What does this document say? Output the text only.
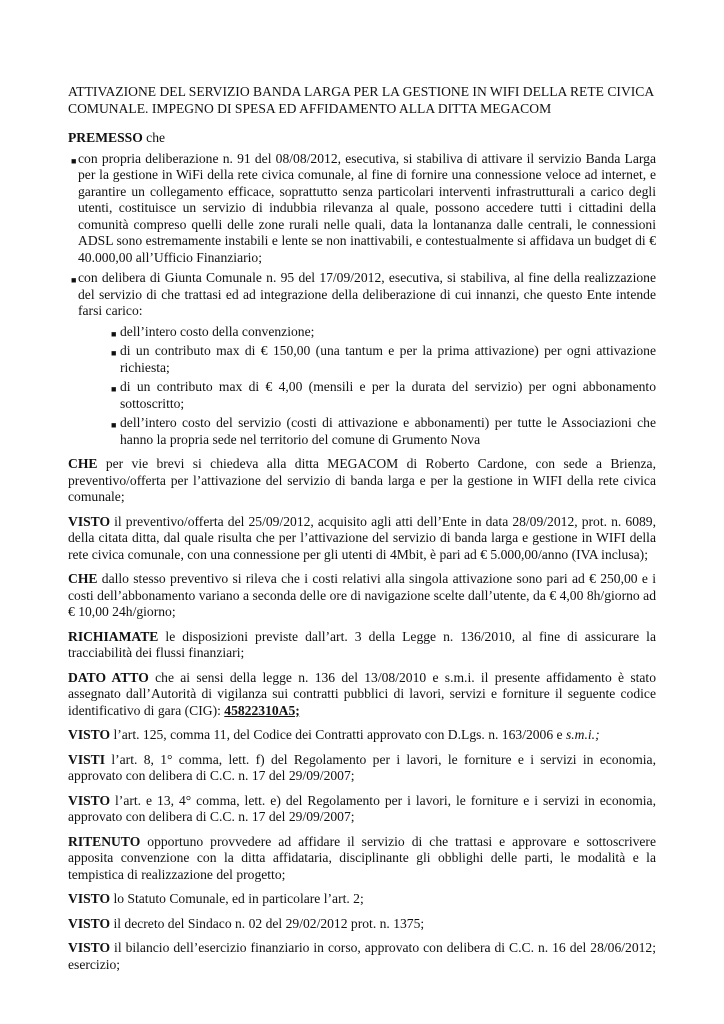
ATTIVAZIONE DEL SERVIZIO BANDA LARGA PER LA GESTIONE IN WIFI DELLA RETE CIVICA COMUNALE. IMPEGNO DI SPESA ED AFFIDAMENTO ALLA DITTA MEGACOM

PREMESSO che

■ con propria deliberazione n. 91 del 08/08/2012, esecutiva, si stabiliva di attivare il servizio Banda Larga per la gestione in WiFi della rete civica comunale, al fine di fornire una connessione veloce ad internet, e garantire un collegamento efficace, soprattutto senza particolari interventi infrastrutturali a carico degli utenti, costituisce un servizio di indubbia rilevanza al quale, possono accedere tutti i cittadini della comunità compreso quelli delle zone rurali nelle quali, data la lontananza dalle centrali, le connessioni ADSL sono estremamente instabili e lente se non inattivabili, e contestualmente si affidava un budget di € 40.000,00 all’Ufficio Finanziario;
■ con delibera di Giunta Comunale n. 95 del 17/09/2012, esecutiva, si stabiliva, al fine della realizzazione del servizio di che trattasi ed ad integrazione della deliberazione di cui innanzi, che questo Ente intende farsi carico:
■ dell’intero costo della convenzione;
■ di un contributo max di € 150,00 (una tantum e per la prima attivazione) per ogni attivazione richiesta;
■ di un contributo max di € 4,00 (mensili e per la durata del servizio) per ogni abbonamento sottoscritto;
■ dell’intero costo del servizio (costi di attivazione e abbonamenti) per tutte le Associazioni che hanno la propria sede nel territorio del comune di Grumento Nova

CHE per vie brevi si chiedeva alla ditta MEGACOM di Roberto Cardone, con sede a Brienza, preventivo/offerta per l’attivazione del servizio di banda larga e per la gestione in WIFI della rete civica comunale;

VISTO il preventivo/offerta del 25/09/2012, acquisito agli atti dell’Ente in data 28/09/2012, prot. n. 6089, della citata ditta, dal quale risulta che per l’attivazione del servizio di banda larga e gestione in WIFI della rete civica comunale, con una connessione per gli utenti di 4Mbit, è pari ad € 5.000,00/anno (IVA inclusa);

CHE dallo stesso preventivo si rileva che i costi relativi alla singola attivazione sono pari ad € 250,00 e i costi dell’abbonamento variano a seconda delle ore di navigazione scelte dall’utente, da € 4,00 8h/giorno ad € 10,00 24h/giorno;

RICHIAMATE le disposizioni previste dall’art. 3 della Legge n. 136/2010, al fine di assicurare la tracciabilità dei flussi finanziari;

DATO ATTO che ai sensi della legge n. 136 del 13/08/2010 e s.m.i. il presente affidamento è stato assegnato dall’Autorità di vigilanza sui contratti pubblici di lavori, servizi e forniture il seguente codice identificativo di gara (CIG): 45822310A5;

VISTO l’art. 125, comma 11, del Codice dei Contratti approvato con D.Lgs. n. 163/2006 e s.m.i.;

VISTI l’art. 8, 1° comma, lett. f) del Regolamento per i lavori, le forniture e i servizi in economia, approvato con delibera di C.C. n. 17 del 29/09/2007;

VISTO l’art. e 13, 4° comma, lett. e) del Regolamento per i lavori, le forniture e i servizi in economia, approvato con delibera di C.C. n. 17 del 29/09/2007;

RITENUTO opportuno provvedere ad affidare il servizio di che trattasi e approvare e sottoscrivere apposita convenzione con la ditta affidataria, disciplinante gli obblighi delle parti, le modalità e la tempistica di realizzazione del progetto;

VISTO lo Statuto Comunale, ed in particolare l’art. 2;

VISTO il decreto del Sindaco n. 02 del 29/02/2012 prot. n. 1375;

VISTO il bilancio dell’esercizio finanziario in corso, approvato con delibera di C.C. n. 16 del 28/06/2012; esercizio;
